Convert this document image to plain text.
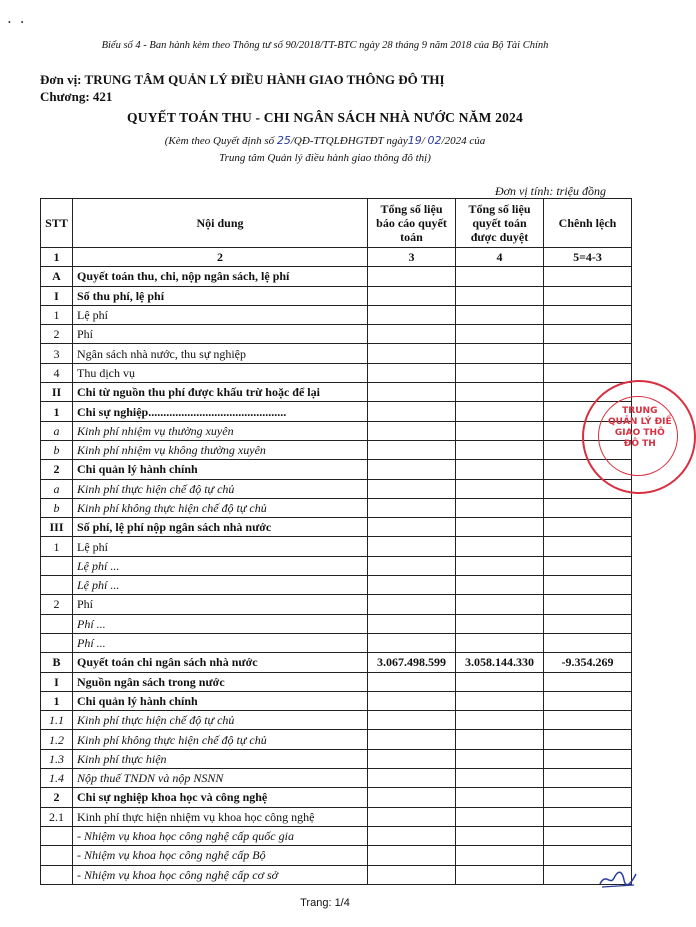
•     •
Biểu số 4 - Ban hành kèm theo Thông tư số 90/2018/TT-BTC ngày 28 tháng 9 năm 2018 của Bộ Tài Chính
Đơn vị: TRUNG TÂM QUẢN LÝ ĐIỀU HÀNH GIAO THÔNG ĐÔ THỊ
Chương: 421
QUYẾT TOÁN THU - CHI NGÂN SÁCH NHÀ NƯỚC NĂM 2024
(Kèm theo Quyết định số 25/QĐ-TTQLĐHGTĐT ngày19/ 02/2024 của
Trung tâm Quản lý điều hành giao thông đô thị)
Đơn vị tính: triệu đồng
STT	Nội dung	Tổng số liệu báo cáo quyết toán	Tổng số liệu quyết toán được duyệt	Chênh lệch
1	2	3	4	5=4-3
A	Quyết toán thu, chi, nộp ngân sách, lệ phí			
I	Số thu phí, lệ phí			
1	Lệ phí			
2	Phí			
3	Ngân sách nhà nước, thu sự nghiệp			
4	Thu dịch vụ			
II	Chi từ nguồn thu phí được khấu trừ hoặc để lại			
1	Chi sự nghiệp..............................................			
a	Kinh phí nhiệm vụ thường xuyên			
b	Kinh phí nhiệm vụ không thường xuyên			
2	Chi quản lý hành chính			
a	Kinh phí thực hiện chế độ tự chủ			
b	Kinh phí không thực hiện chế độ tự chủ			
III	Số phí, lệ phí nộp ngân sách nhà nước			
1	Lệ phí			
	Lệ phí ...			
	Lệ phí ...			
2	Phí			
	Phí ...			
	Phí ...			
B	Quyết toán chi ngân sách nhà nước	3.067.498.599	3.058.144.330	-9.354.269
I	Nguồn ngân sách trong nước			
1	Chi quản lý hành chính			
1.1	Kinh phí thực hiện chế độ tự chủ			
1.2	Kinh phí không thực hiện chế độ tự chủ			
1.3	Kinh phí thực hiện			
1.4	Nộp thuế TNDN và nộp NSNN			
2	Chi sự nghiệp khoa học và công nghệ			
2.1	Kinh phí thực hiện nhiệm vụ khoa học công nghệ			
	- Nhiệm vụ khoa học công nghệ cấp quốc gia			
	- Nhiệm vụ khoa học công nghệ cấp Bộ			
	- Nhiệm vụ khoa học công nghệ cấp cơ sở			
TRUNG
QUẢN LÝ ĐIỀ
GIAO THÔ
ĐÔ TH
Trang: 1/4
